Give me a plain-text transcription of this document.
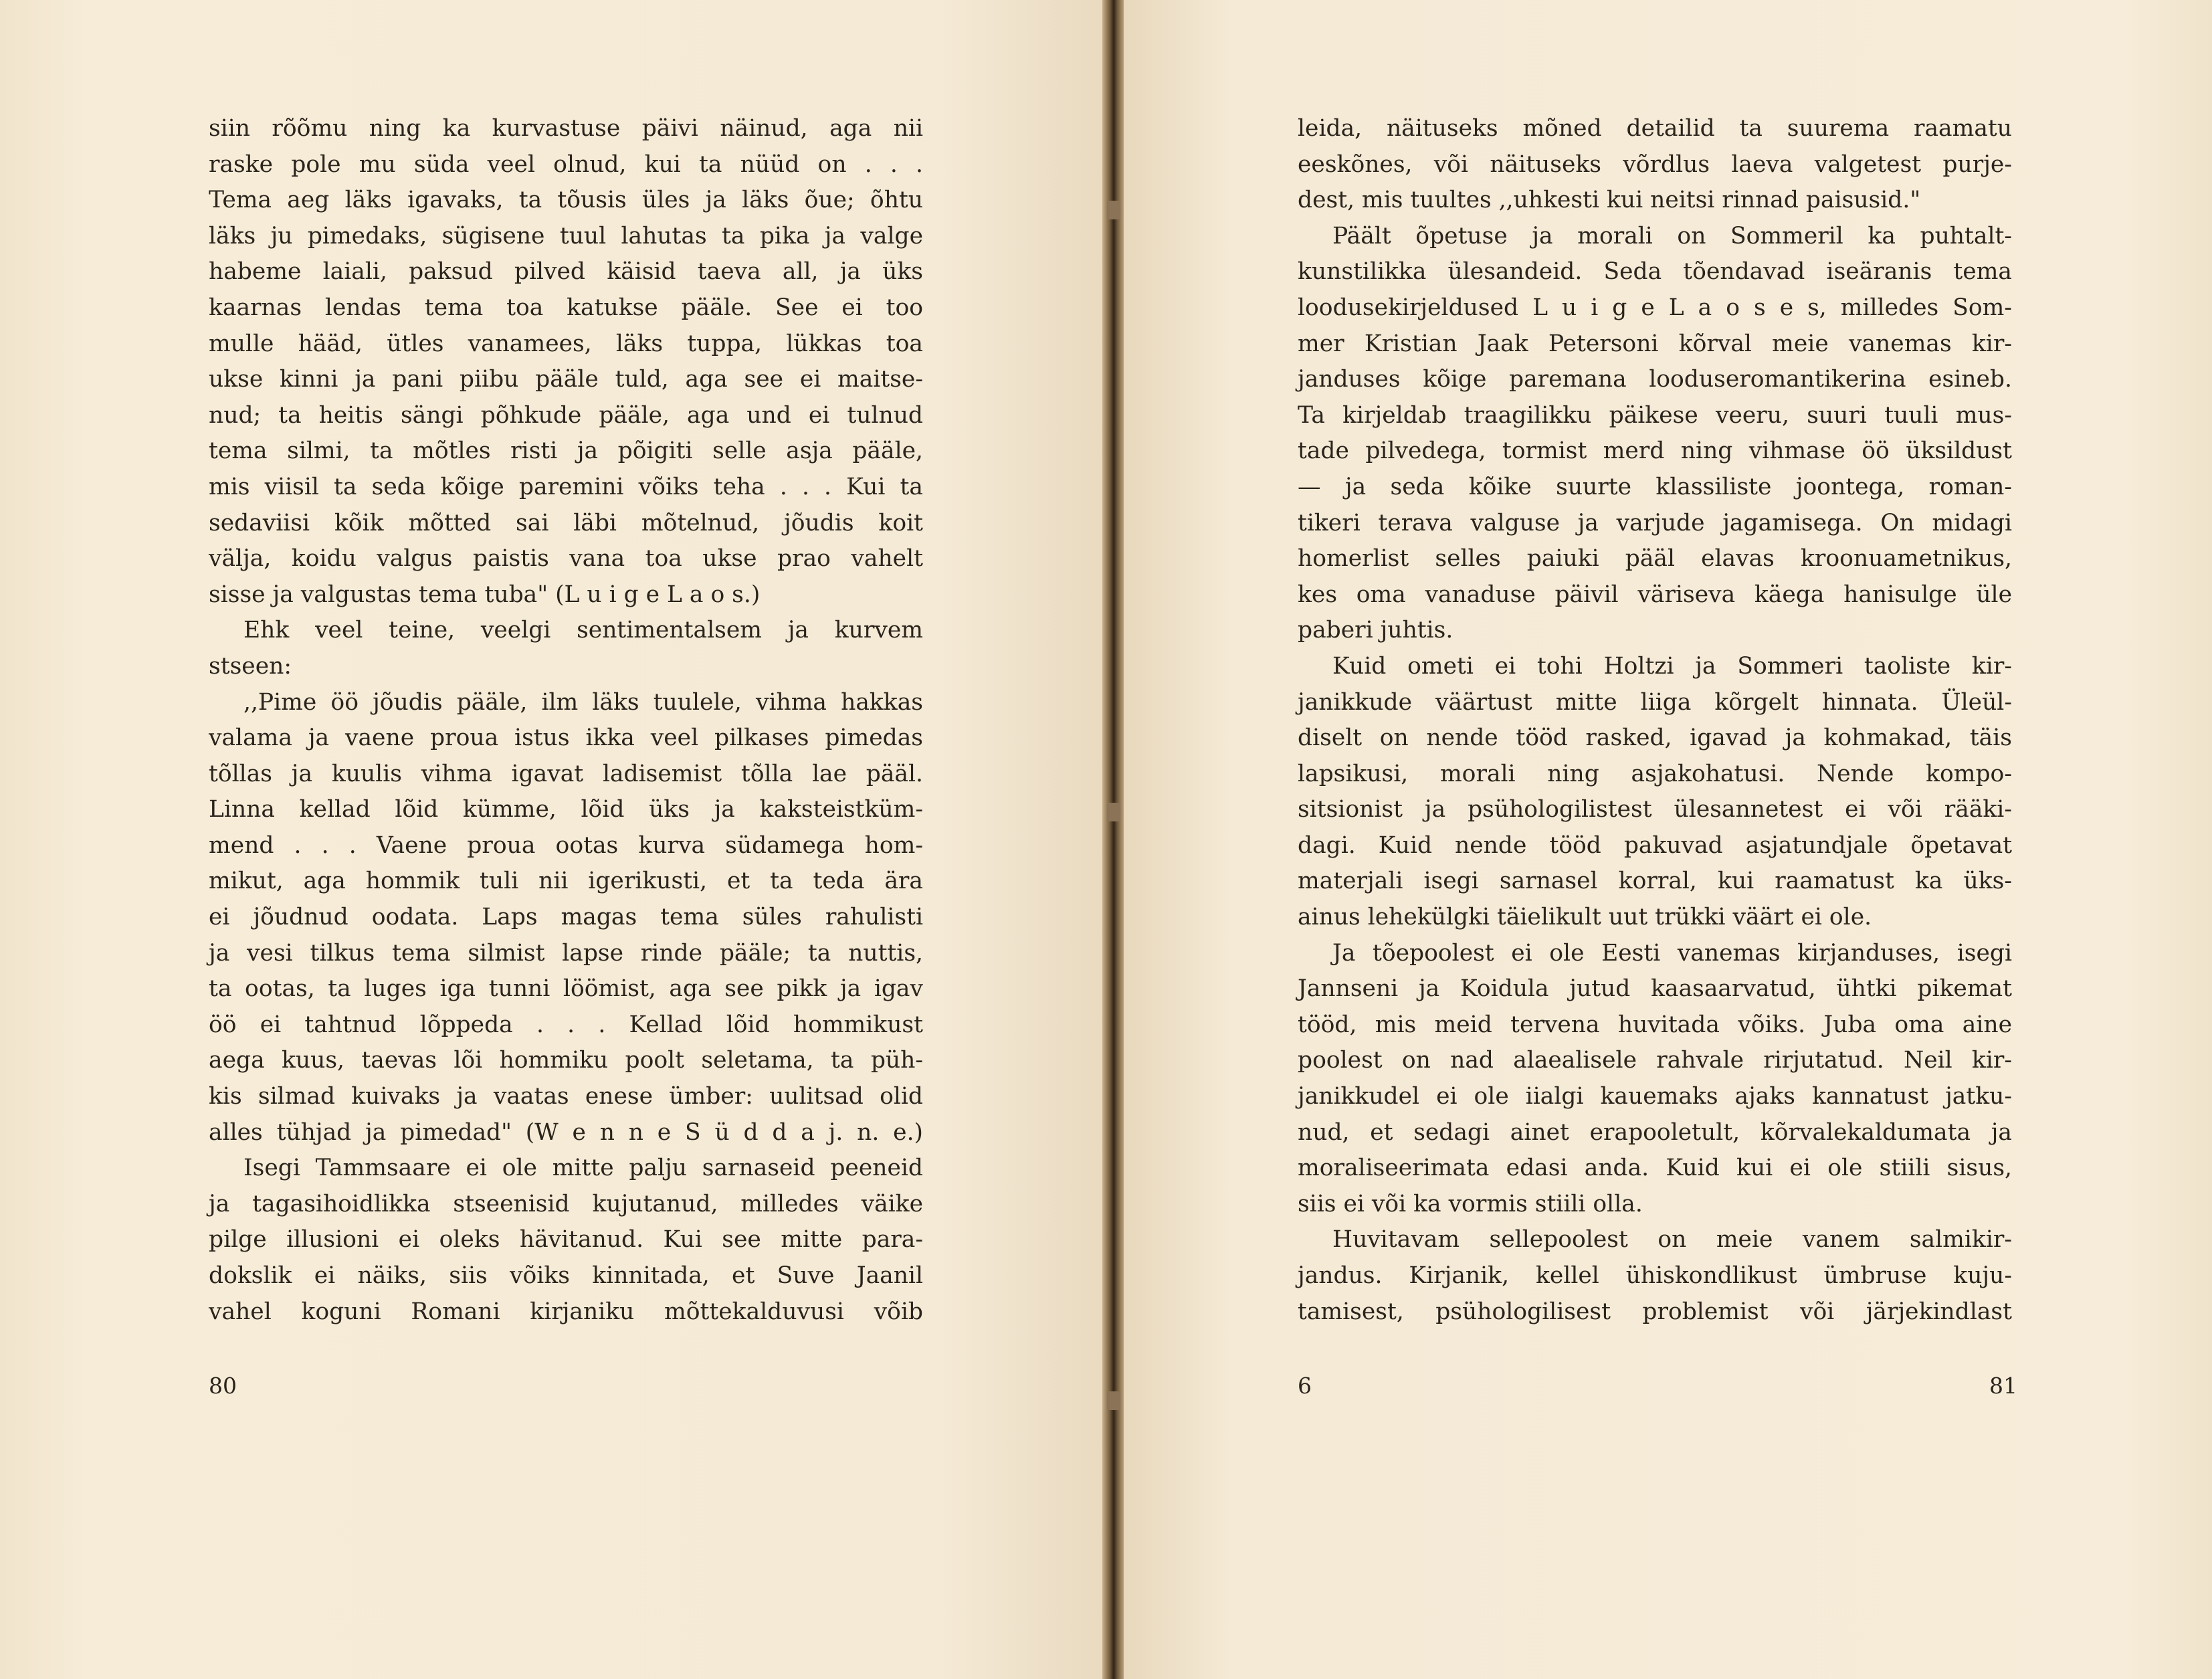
siin rõõmu ning ka kurvastuse päivi näinud, aga nii
raske pole mu süda veel olnud, kui ta nüüd on . . .
Tema aeg läks igavaks, ta tõusis üles ja läks õue; õhtu
läks ju pimedaks, sügisene tuul lahutas ta pika ja valge
habeme laiali, paksud pilved käisid taeva all, ja üks
kaarnas lendas tema toa katukse pääle. See ei too
mulle hääd, ütles vanamees, läks tuppa, lükkas toa
ukse kinni ja pani piibu pääle tuld, aga see ei maitse-
nud; ta heitis sängi põhkude pääle, aga und ei tulnud
tema silmi, ta mõtles risti ja põigiti selle asja pääle,
mis viisil ta seda kõige paremini võiks teha . . . Kui ta
sedaviisi kõik mõtted sai läbi mõtelnud, jõudis koit
välja, koidu valgus paistis vana toa ukse prao vahelt
sisse ja valgustas tema tuba" (L u i g e L a o s.)
Ehk veel teine, veelgi sentimentalsem ja kurvem
stseen:
,,Pime öö jõudis pääle, ilm läks tuulele, vihma hakkas
valama ja vaene proua istus ikka veel pilkases pimedas
tõllas ja kuulis vihma igavat ladisemist tõlla lae pääl.
Linna kellad lõid kümme, lõid üks ja kaksteistküm-
mend . . . Vaene proua ootas kurva südamega hom-
mikut, aga hommik tuli nii igerikusti, et ta teda ära
ei jõudnud oodata. Laps magas tema süles rahulisti
ja vesi tilkus tema silmist lapse rinde pääle; ta nuttis,
ta ootas, ta luges iga tunni löömist, aga see pikk ja igav
öö ei tahtnud lõppeda . . . Kellad lõid hommikust
aega kuus, taevas lõi hommiku poolt seletama, ta püh-
kis silmad kuivaks ja vaatas enese ümber: uulitsad olid
alles tühjad ja pimedad" (W e n n e S ü d d a j. n. e.)
Isegi Tammsaare ei ole mitte palju sarnaseid peeneid
ja tagasihoidlikka stseenisid kujutanud, milledes väike
pilge illusioni ei oleks hävitanud. Kui see mitte para-
dokslik ei näiks, siis võiks kinnitada, et Suve Jaanil
vahel koguni Romani kirjaniku mõttekalduvusi võib
80
leida, näituseks mõned detailid ta suurema raamatu
eeskõnes, või näituseks võrdlus laeva valgetest purje-
dest, mis tuultes ,,uhkesti kui neitsi rinnad paisusid."
Päält õpetuse ja morali on Sommeril ka puhtalt-
kunstilikka ülesandeid. Seda tõendavad iseäranis tema
loodusekirjeldused L u i g e L a o s e s, milledes Som-
mer Kristian Jaak Petersoni kõrval meie vanemas kir-
janduses kõige paremana looduseromantikerina esineb.
Ta kirjeldab traagilikku päikese veeru, suuri tuuli mus-
tade pilvedega, tormist merd ning vihmase öö üksildust
— ja seda kõike suurte klassiliste joontega, roman-
tikeri terava valguse ja varjude jagamisega. On midagi
homerlist selles paiuki pääl elavas kroonuametnikus,
kes oma vanaduse päivil väriseva käega hanisulge üle
paberi juhtis.
Kuid ometi ei tohi Holtzi ja Sommeri taoliste kir-
janikkude väärtust mitte liiga kõrgelt hinnata. Üleül-
diselt on nende tööd rasked, igavad ja kohmakad, täis
lapsikusi, morali ning asjakohatusi. Nende kompo-
sitsionist ja psühologilistest ülesannetest ei või rääki-
dagi. Kuid nende tööd pakuvad asjatundjale õpetavat
materjali isegi sarnasel korral, kui raamatust ka üks-
ainus lehekülgki täielikult uut trükki väärt ei ole.
Ja tõepoolest ei ole Eesti vanemas kirjanduses, isegi
Jannseni ja Koidula jutud kaasaarvatud, ühtki pikemat
tööd, mis meid tervena huvitada võiks. Juba oma aine
poolest on nad alaealisele rahvale rirjutatud. Neil kir-
janikkudel ei ole iialgi kauemaks ajaks kannatust jatku-
nud, et sedagi ainet erapooletult, kõrvalekaldumata ja
moraliseerimata edasi anda. Kuid kui ei ole stiili sisus,
siis ei või ka vormis stiili olla.
Huvitavam sellepoolest on meie vanem salmikir-
jandus. Kirjanik, kellel ühiskondlikust ümbruse kuju-
tamisest, psühologilisest problemist või järjekindlast
6	81
